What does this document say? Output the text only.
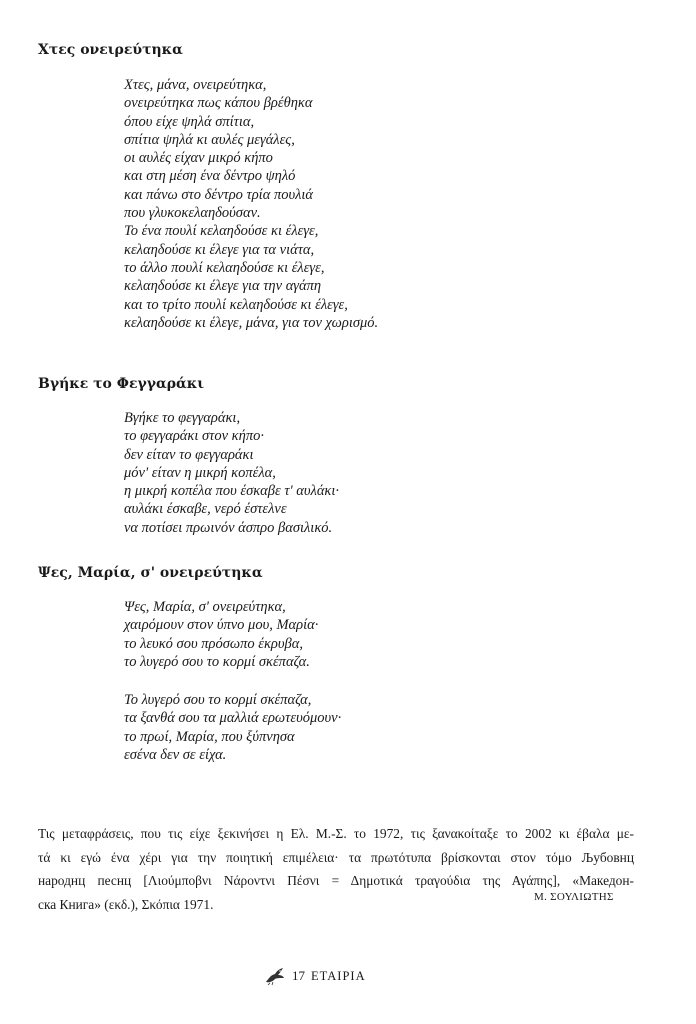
Χτες ονειρεύτηκα
Χτες, μάνα, ονειρεύτηκα,
ονειρεύτηκα πως κάπου βρέθηκα
όπου είχε ψηλά σπίτια,
σπίτια ψηλά κι αυλές μεγάλες,
οι αυλές είχαν μικρό κήπο
και στη μέση ένα δέντρο ψηλό
και πάνω στο δέντρο τρία πουλιά
που γλυκοκελαηδούσαν.
Το ένα πουλί κελαηδούσε κι έλεγε,
κελαηδούσε κι έλεγε για τα νιάτα,
το άλλο πουλί κελαηδούσε κι έλεγε,
κελαηδούσε κι έλεγε για την αγάπη
και το τρίτο πουλί κελαηδούσε κι έλεγε,
κελαηδούσε κι έλεγε, μάνα, για τον χωρισμό.
Βγήκε το Φεγγαράκι
Βγήκε το φεγγαράκι,
το φεγγαράκι στον κήπο·
δεν είταν το φεγγαράκι
μόν' είταν η μικρή κοπέλα,
η μικρή κοπέλα που έσκαβε τ' αυλάκι·
αυλάκι έσκαβε, νερό έστελνε
να ποτίσει πρωινόν άσπρο βασιλικό.
Ψες, Μαρία, σ' ονειρεύτηκα
Ψες, Μαρία, σ' ονειρεύτηκα,
χαιρόμουν στον ύπνο μου, Μαρία·
το λευκό σου πρόσωπο έκρυβα,
το λυγερό σου το κορμί σκέπαζα.
Το λυγερό σου το κορμί σκέπαζα,
τα ξανθά σου τα μαλλιά ερωτευόμουν·
το πρωί, Μαρία, που ξύπνησα
εσένα δεν σε είχα.
Τις μεταφράσεις, που τις είχε ξεκινήσει η Ελ. Μ.-Σ. το 1972, τις ξανακοίταξε το 2002 κι έβαλα με-
τά κι εγώ ένα χέρι για την ποιητική επιμέλεια· τα πρωτότυπα βρίσκονται στον τόμο Љубовнц
народнц песнц [Λιούμποβνι Νάροντνι Πέσνι = Δημοτικά τραγούδια της Αγάπης], «Македон-
ска Книга» (εκδ.), Σκόπια 1971.	Μ. ΣΟΥΛΙΩΤΗΣ
17 ΕΤΑΙΡΙΑ
